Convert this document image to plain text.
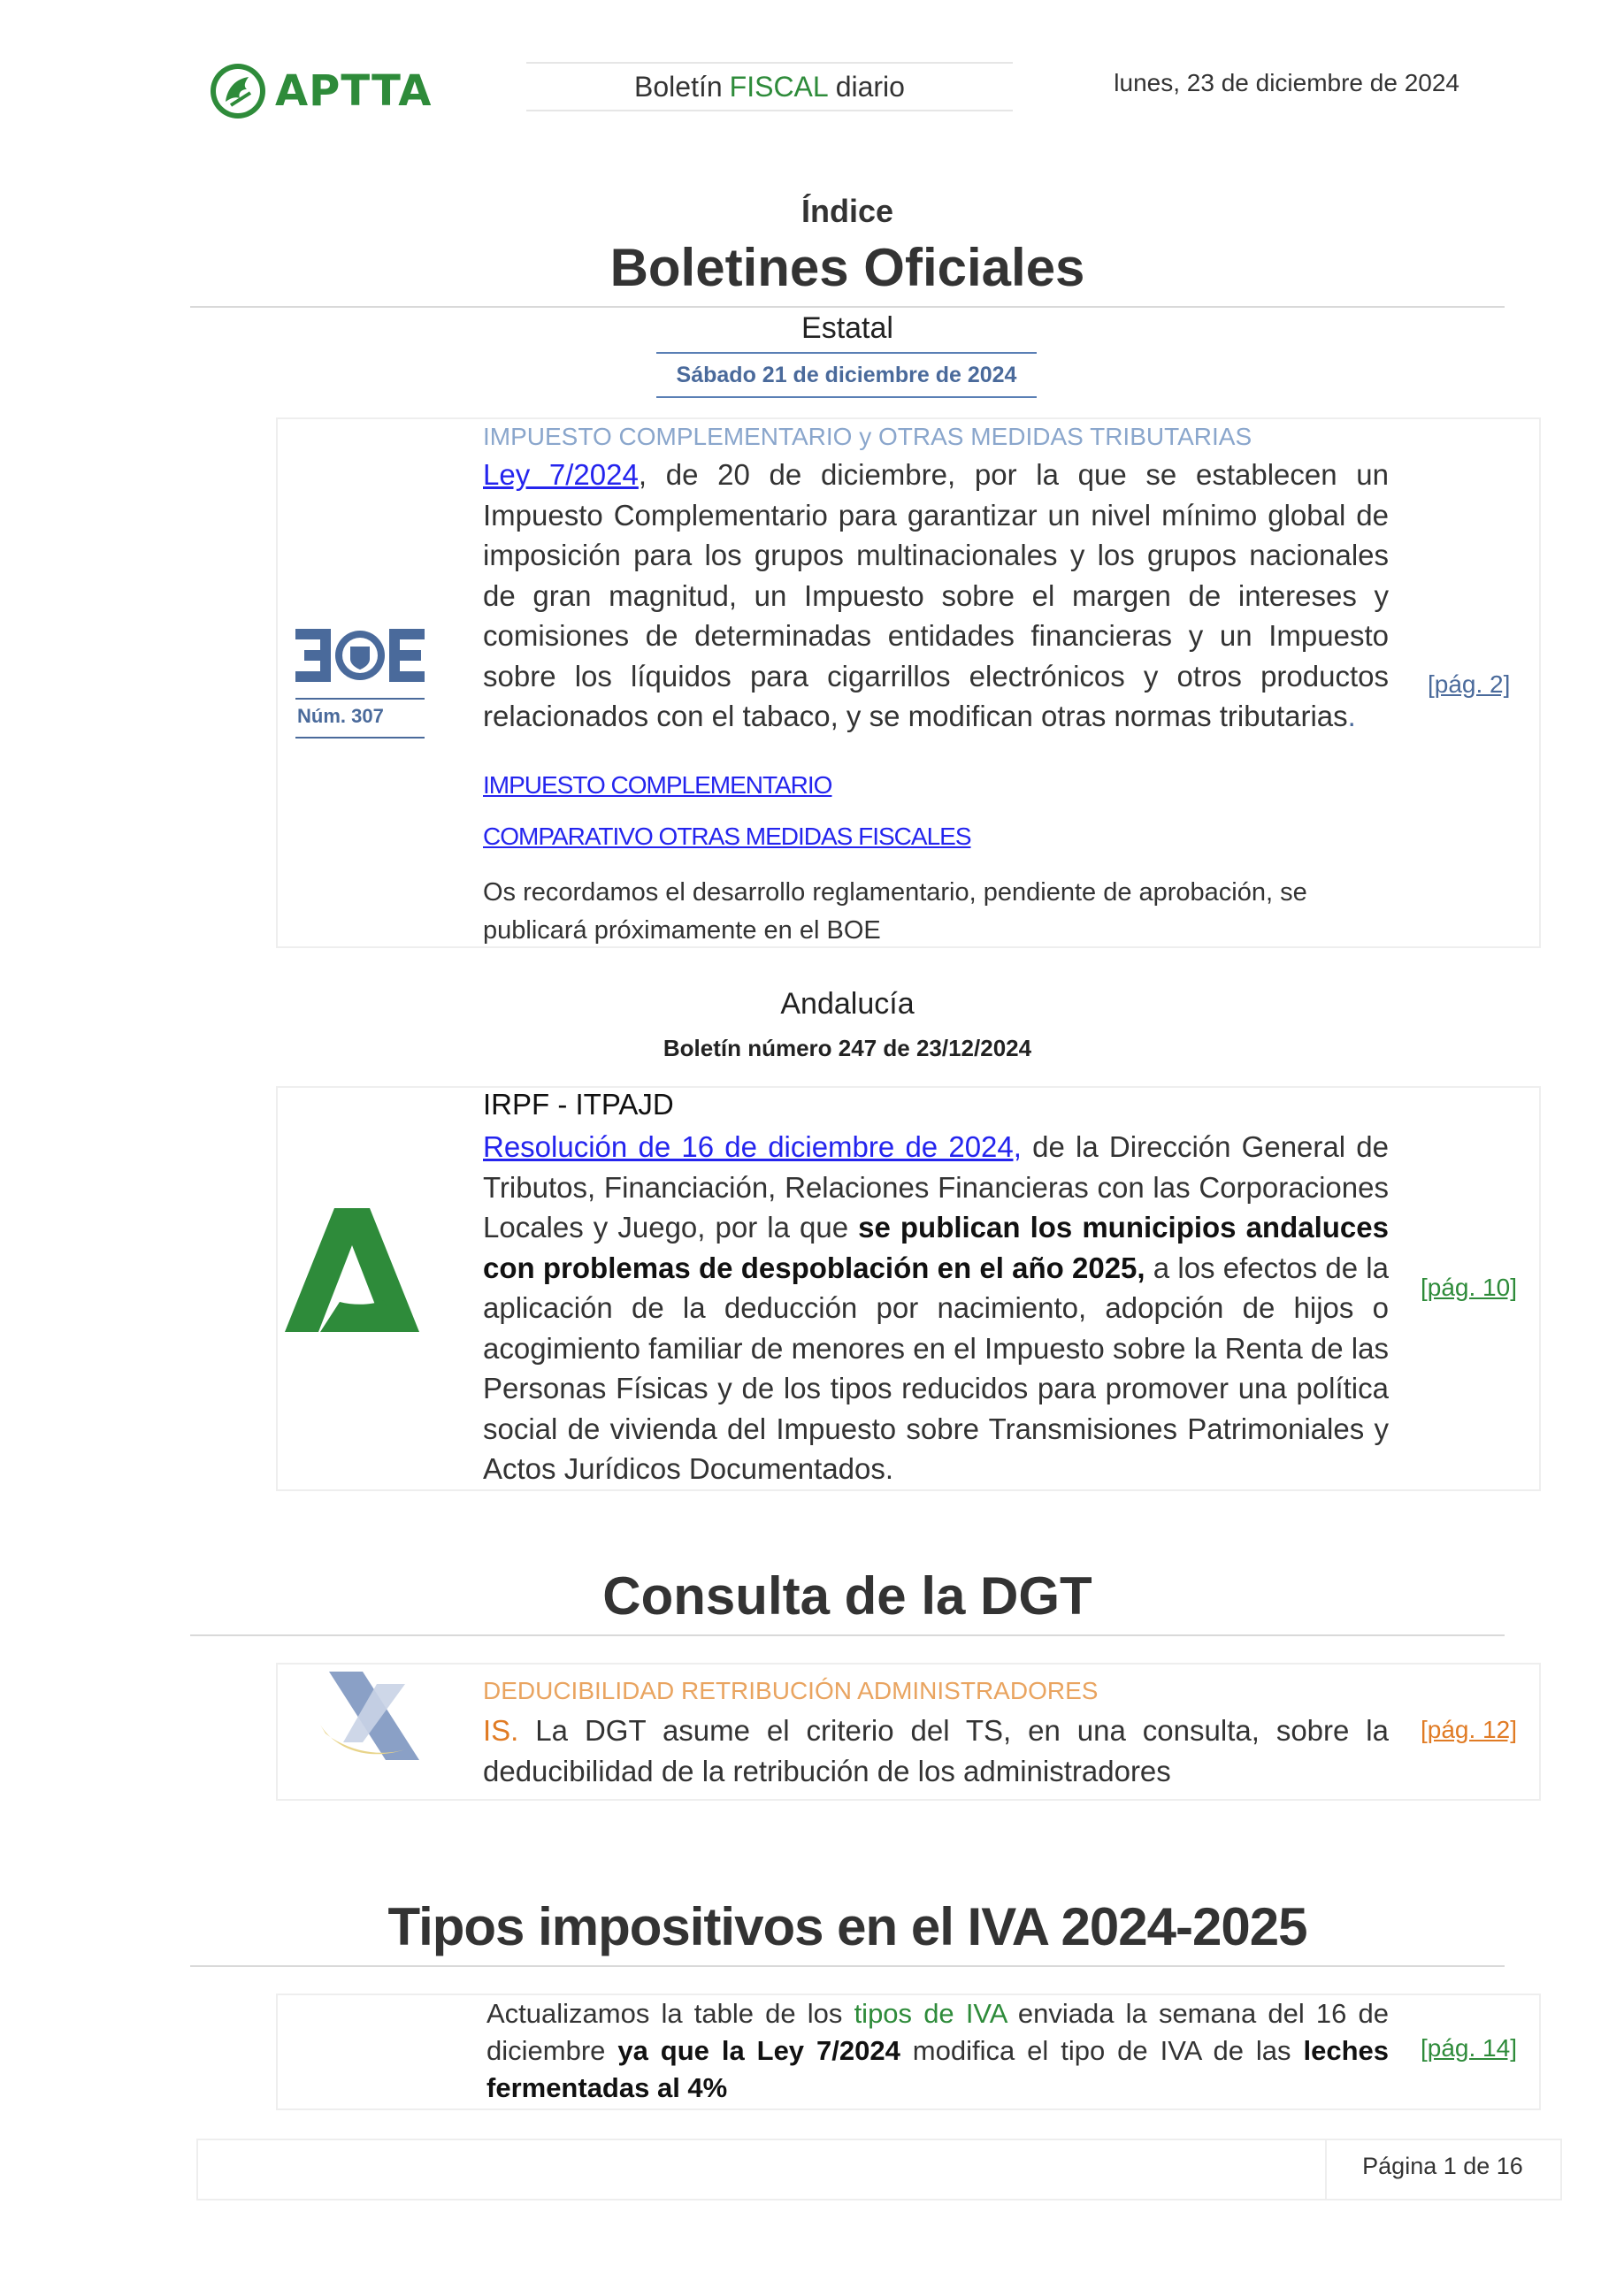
APTTA	Boletín FISCAL diario	lunes, 23 de diciembre de 2024
Índice
Boletines Oficiales
Estatal
Sábado 21 de diciembre de 2024
Núm. 307
IMPUESTO COMPLEMENTARIO y OTRAS MEDIDAS TRIBUTARIAS
Ley 7/2024, de 20 de diciembre, por la que se establecen un Impuesto Complementario para garantizar un nivel mínimo global de imposición para los grupos multinacionales y los grupos nacionales de gran magnitud, un Impuesto sobre el margen de intereses y comisiones de determinadas entidades financieras y un Impuesto sobre los líquidos para cigarrillos electrónicos y otros productos relacionados con el tabaco, y se modifican otras normas tributarias.
[pág. 2]
IMPUESTO COMPLEMENTARIO
COMPARATIVO OTRAS MEDIDAS FISCALES
Os recordamos el desarrollo reglamentario, pendiente de aprobación, se publicará próximamente en el BOE
Andalucía
Boletín número 247 de 23/12/2024
IRPF - ITPAJD
Resolución de 16 de diciembre de 2024, de la Dirección General de Tributos, Financiación, Relaciones Financieras con las Corporaciones Locales y Juego, por la que se publican los municipios andaluces con problemas de despoblación en el año 2025, a los efectos de la aplicación de la deducción por nacimiento, adopción de hijos o acogimiento familiar de menores en el Impuesto sobre la Renta de las Personas Físicas y de los tipos reducidos para promover una política social de vivienda del Impuesto sobre Transmisiones Patrimoniales y Actos Jurídicos Documentados.
[pág. 10]
Consulta de la DGT
DEDUCIBILIDAD RETRIBUCIÓN ADMINISTRADORES
IS. La DGT asume el criterio del TS, en una consulta, sobre la deducibilidad de la retribución de los administradores
[pág. 12]
Tipos impositivos en el IVA 2024-2025
Actualizamos la table de los tipos de IVA enviada la semana del 16 de diciembre ya que la Ley 7/2024 modifica el tipo de IVA de las leches fermentadas al 4%
[pág. 14]
Página 1 de 16
